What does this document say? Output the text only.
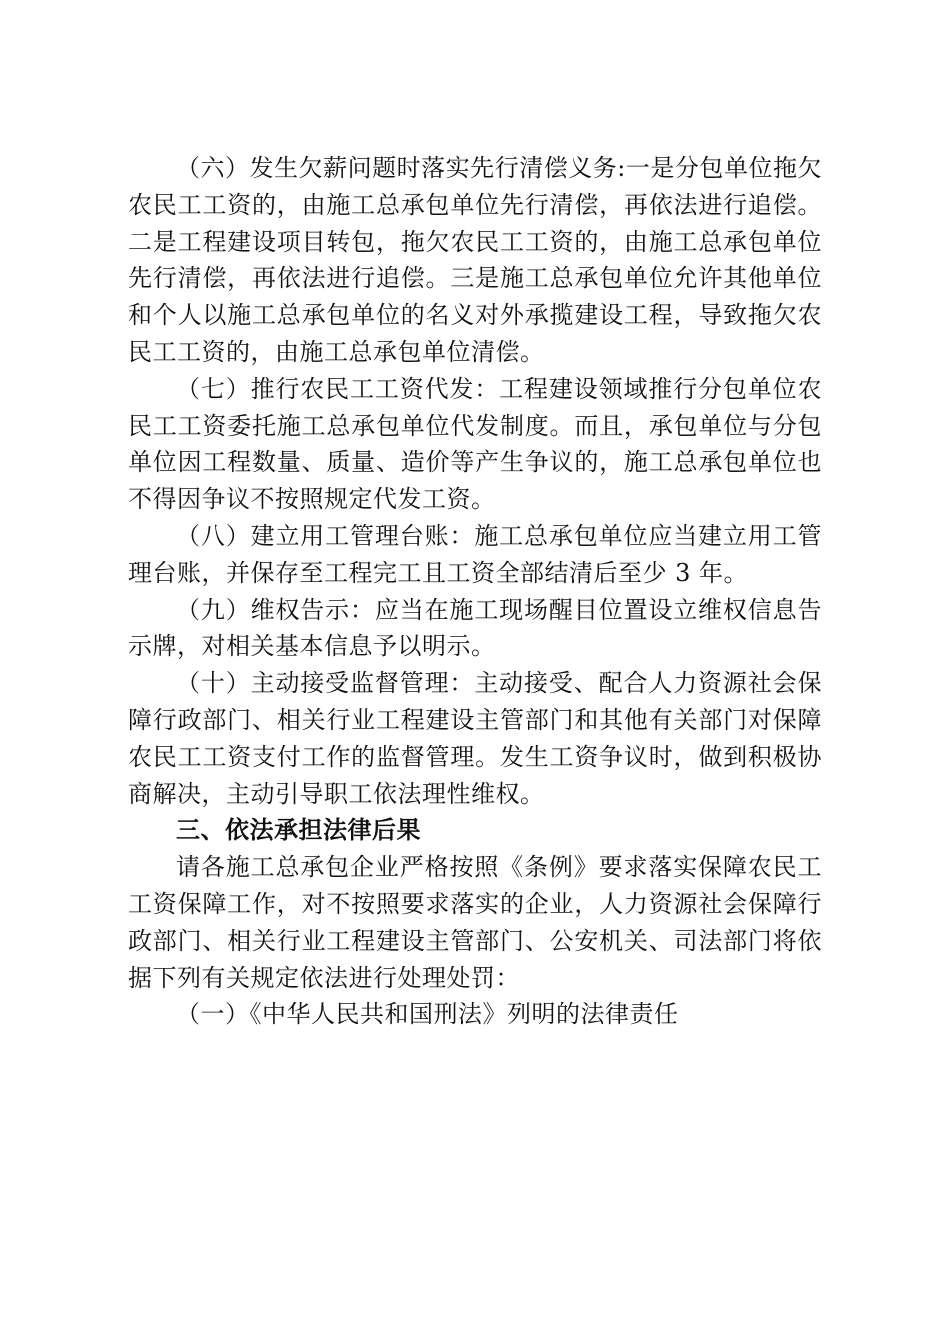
（六）发生欠薪问题时落实先行清偿义务:一是分包单位拖欠农民工工资的，由施工总承包单位先行清偿，再依法进行追偿。二是工程建设项目转包，拖欠农民工工资的，由施工总承包单位先行清偿，再依法进行追偿。三是施工总承包单位允许其他单位和个人以施工总承包单位的名义对外承揽建设工程，导致拖欠农民工工资的，由施工总承包单位清偿。

（七）推行农民工工资代发：工程建设领域推行分包单位农民工工资委托施工总承包单位代发制度。而且，承包单位与分包单位因工程数量、质量、造价等产生争议的，施工总承包单位也不得因争议不按照规定代发工资。

（八）建立用工管理台账：施工总承包单位应当建立用工管理台账，并保存至工程完工且工资全部结清后至少 3 年。

（九）维权告示：应当在施工现场醒目位置设立维权信息告示牌，对相关基本信息予以明示。

（十）主动接受监督管理：主动接受、配合人力资源社会保障行政部门、相关行业工程建设主管部门和其他有关部门对保障农民工工资支付工作的监督管理。发生工资争议时，做到积极协商解决，主动引导职工依法理性维权。

三、依法承担法律后果

请各施工总承包企业严格按照《条例》要求落实保障农民工工资保障工作，对不按照要求落实的企业，人力资源社会保障行政部门、相关行业工程建设主管部门、公安机关、司法部门将依据下列有关规定依法进行处理处罚：

（一）《中华人民共和国刑法》列明的法律责任
